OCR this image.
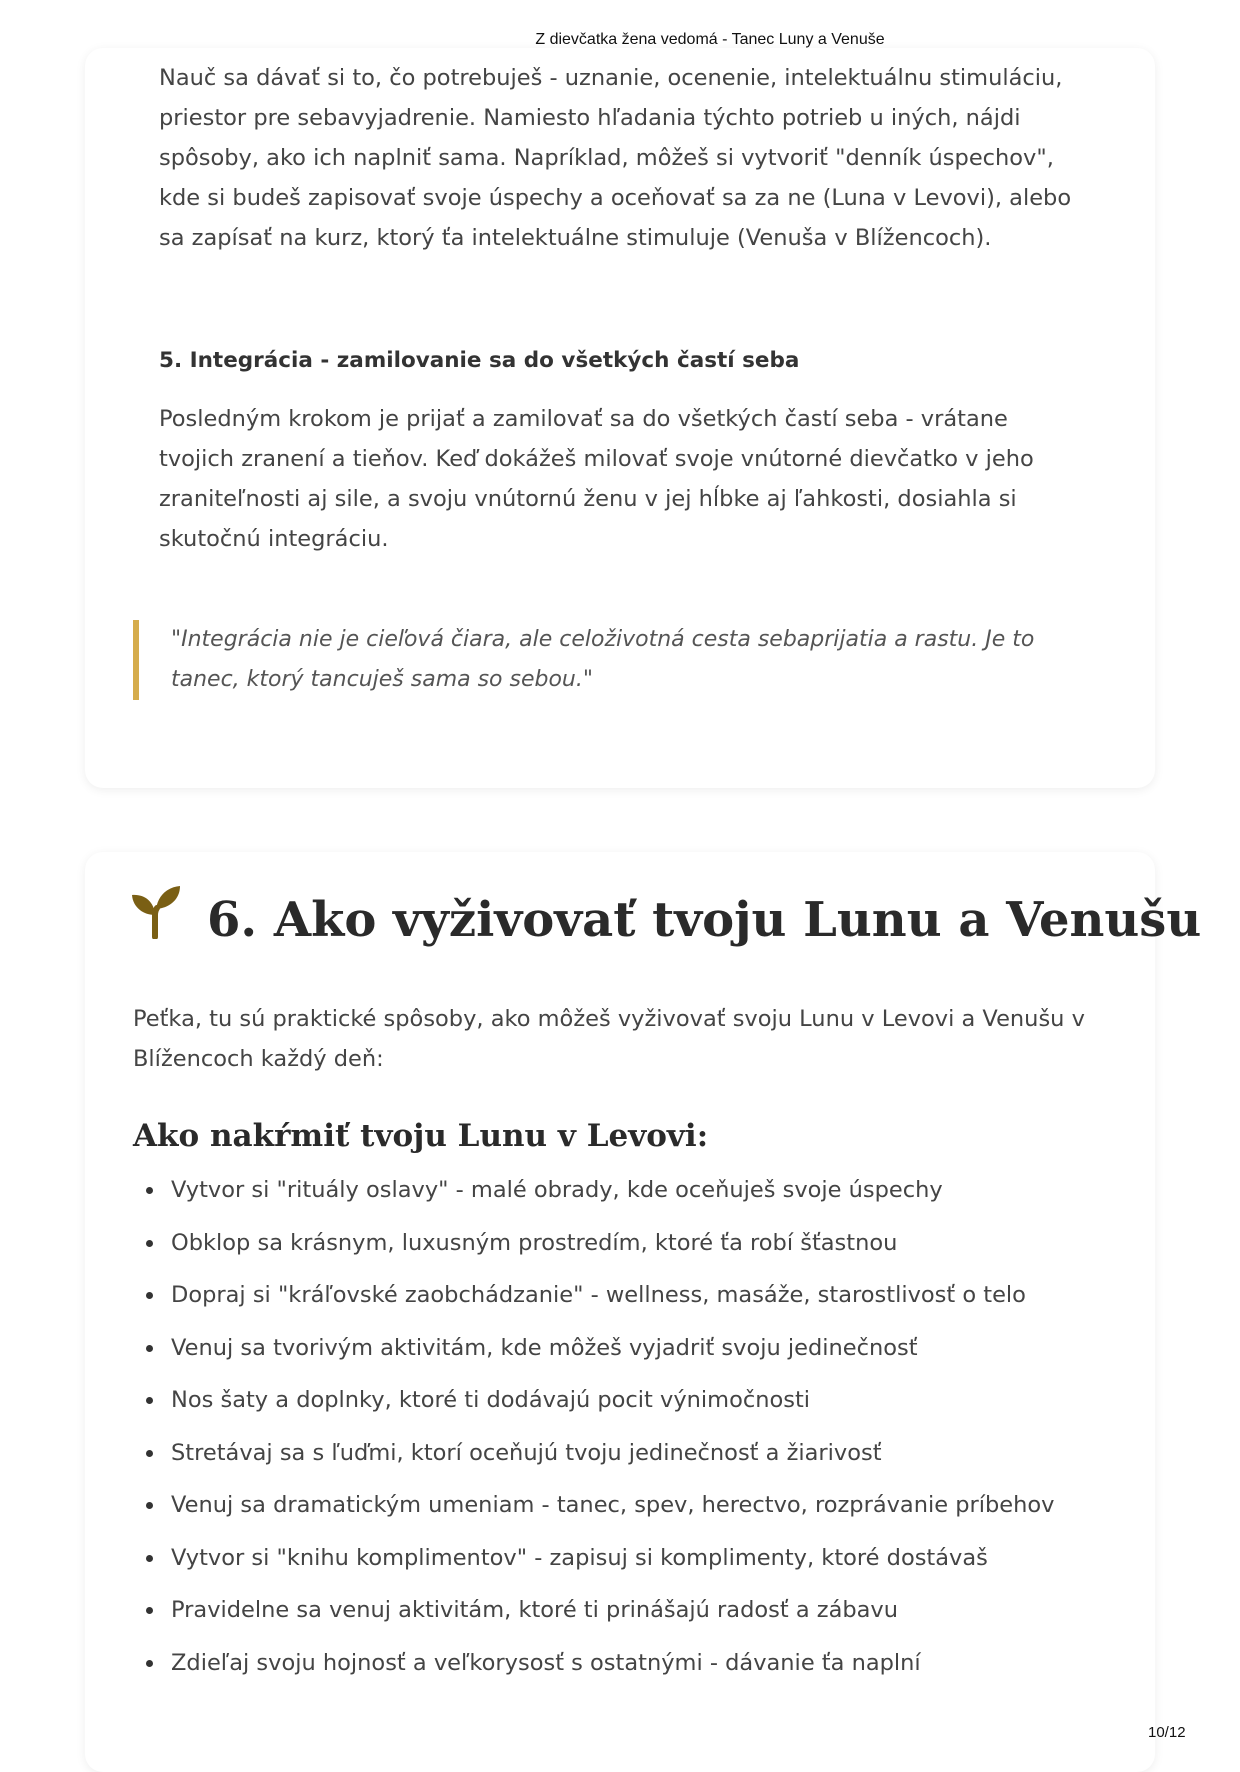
Z dievčatka žena vedomá - Tanec Luny a Venuše

Nauč sa dávať si to, čo potrebuješ - uznanie, ocenenie, intelektuálnu stimuláciu, priestor pre sebavyjadrenie. Namiesto hľadania týchto potrieb u iných, nájdi spôsoby, ako ich naplniť sama. Napríklad, môžeš si vytvoriť "denník úspechov", kde si budeš zapisovať svoje úspechy a oceňovať sa za ne (Luna v Levovi), alebo sa zapísať na kurz, ktorý ťa intelektuálne stimuluje (Venuša v Blížencoch).

5. Integrácia - zamilovanie sa do všetkých častí seba

Posledným krokom je prijať a zamilovať sa do všetkých častí seba - vrátane tvojich zranení a tieňov. Keď dokážeš milovať svoje vnútorné dievčatko v jeho zraniteľnosti aj sile, a svoju vnútornú ženu v jej hĺbke aj ľahkosti, dosiahla si skutočnú integráciu.

"Integrácia nie je cieľová čiara, ale celoživotná cesta sebaprijatia a rastu. Je to tanec, ktorý tancuješ sama so sebou."

6. Ako vyživovať tvoju Lunu a Venušu

Peťka, tu sú praktické spôsoby, ako môžeš vyživovať svoju Lunu v Levovi a Venušu v Blížencoch každý deň:

Ako nakŕmiť tvoju Lunu v Levovi:
Vytvor si "rituály oslavy" - malé obrady, kde oceňuješ svoje úspechy
Obklop sa krásnym, luxusným prostredím, ktoré ťa robí šťastnou
Dopraj si "kráľovské zaobchádzanie" - wellness, masáže, starostlivosť o telo
Venuj sa tvorivým aktivitám, kde môžeš vyjadriť svoju jedinečnosť
Nos šaty a doplnky, ktoré ti dodávajú pocit výnimočnosti
Stretávaj sa s ľuďmi, ktorí oceňujú tvoju jedinečnosť a žiarivosť
Venuj sa dramatickým umeniam - tanec, spev, herectvo, rozprávanie príbehov
Vytvor si "knihu komplimentov" - zapisuj si komplimenty, ktoré dostávaš
Pravidelne sa venuj aktivitám, ktoré ti prinášajú radosť a zábavu
Zdieľaj svoju hojnosť a veľkorysosť s ostatnými - dávanie ťa naplní
10/12
